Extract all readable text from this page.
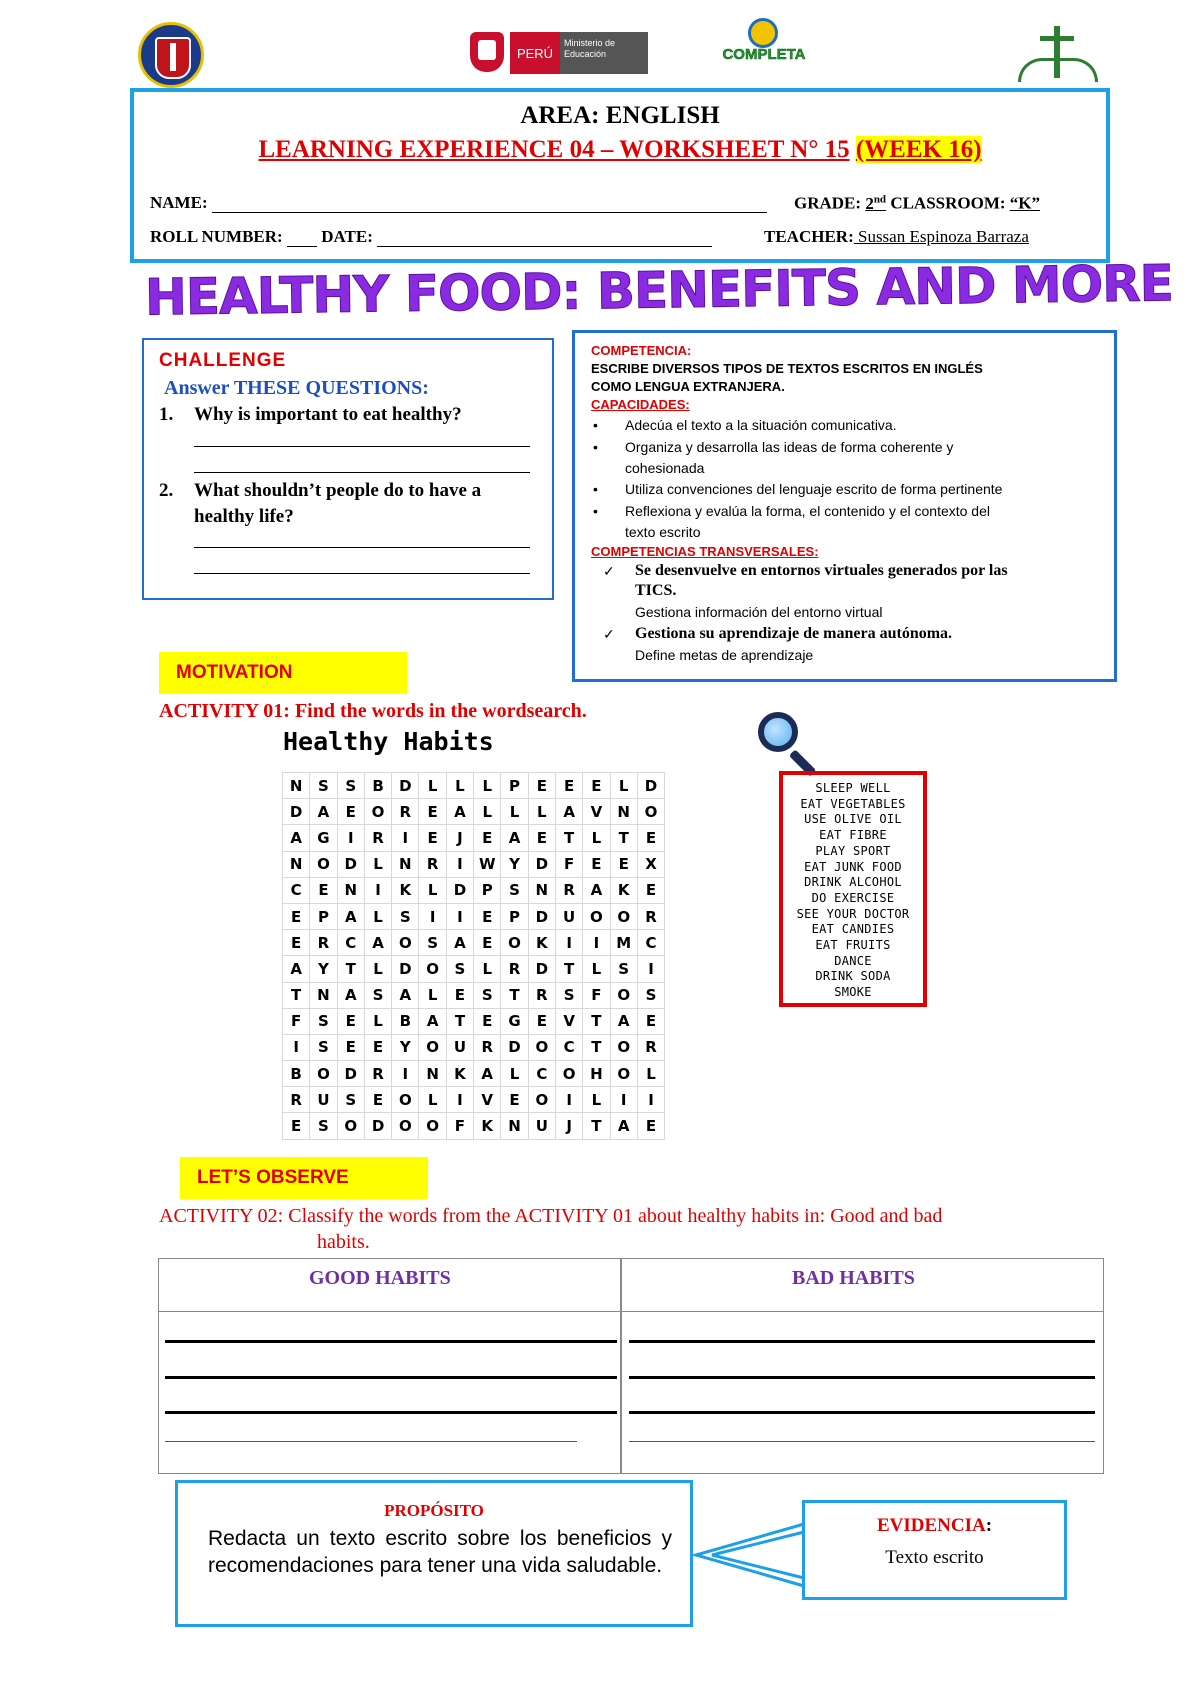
PERÚ
Ministerio de Educación	COMPLETA
AREA: ENGLISH
LEARNING EXPERIENCE 04 – WORKSHEET N° 15 (WEEK 16)
NAME:	GRADE: 2nd CLASSROOM: “K”
ROLL NUMBER: DATE:	TEACHER: Sussan Espinoza Barraza
HEALTHY FOOD: BENEFITS AND MORE
CHALLENGE
Answer THESE QUESTIONS:
1. Why is important to eat healthy?
2. What shouldn’t people do to have a
healthy life?
COMPETENCIA:
ESCRIBE DIVERSOS TIPOS DE TEXTOS ESCRITOS EN INGLÉS
COMO LENGUA EXTRANJERA.
CAPACIDADES:
• Adecúa el texto a la situación comunicativa.
• Organiza y desarrolla las ideas de forma coherente y
cohesionada
• Utiliza convenciones del lenguaje escrito de forma pertinente
• Reflexiona y evalúa la forma, el contenido y el contexto del
texto escrito
COMPETENCIAS TRANSVERSALES:
✓ Se desenvuelve en entornos virtuales generados por las
TICS.
Gestiona información del entorno virtual
✓ Gestiona su aprendizaje de manera autónoma.
Define metas de aprendizaje
MOTIVATION
ACTIVITY 01: Find the words in the wordsearch.
Healthy Habits
N	S	S	B	D	L	L	L	P	E	E	E	L	D
D	A	E	O	R	E	A	L	L	L	A	V	N	O
A	G	I	R	I	E	J	E	A	E	T	L	T	E
N	O	D	L	N	R	I	W	Y	D	F	E	E	X
C	E	N	I	K	L	D	P	S	N	R	A	K	E
E	P	A	L	S	I	I	E	P	D	U	O	O	R
E	R	C	A	O	S	A	E	O	K	I	I	M	C
A	Y	T	L	D	O	S	L	R	D	T	L	S	I
T	N	A	S	A	L	E	S	T	R	S	F	O	S
F	S	E	L	B	A	T	E	G	E	V	T	A	E
I	S	E	E	Y	O	U	R	D	O	C	T	O	R
B	O	D	R	I	N	K	A	L	C	O	H	O	L
R	U	S	E	O	L	I	V	E	O	I	L	I	I
E	S	O	D	O	O	F	K	N	U	J	T	A	E
SLEEP WELL
EAT VEGETABLES
USE OLIVE OIL
EAT FIBRE
PLAY SPORT
EAT JUNK FOOD
DRINK ALCOHOL
DO EXERCISE
SEE YOUR DOCTOR
EAT CANDIES
EAT FRUITS
DANCE
DRINK SODA
SMOKE
LET’S OBSERVE
ACTIVITY 02: Classify the words from the ACTIVITY 01 about healthy habits in: Good and bad
habits.
GOOD HABITS	BAD HABITS
PROPÓSITO
Redacta un texto escrito sobre los beneficios y recomendaciones para tener una vida saludable.
EVIDENCIA:
Texto escrito
